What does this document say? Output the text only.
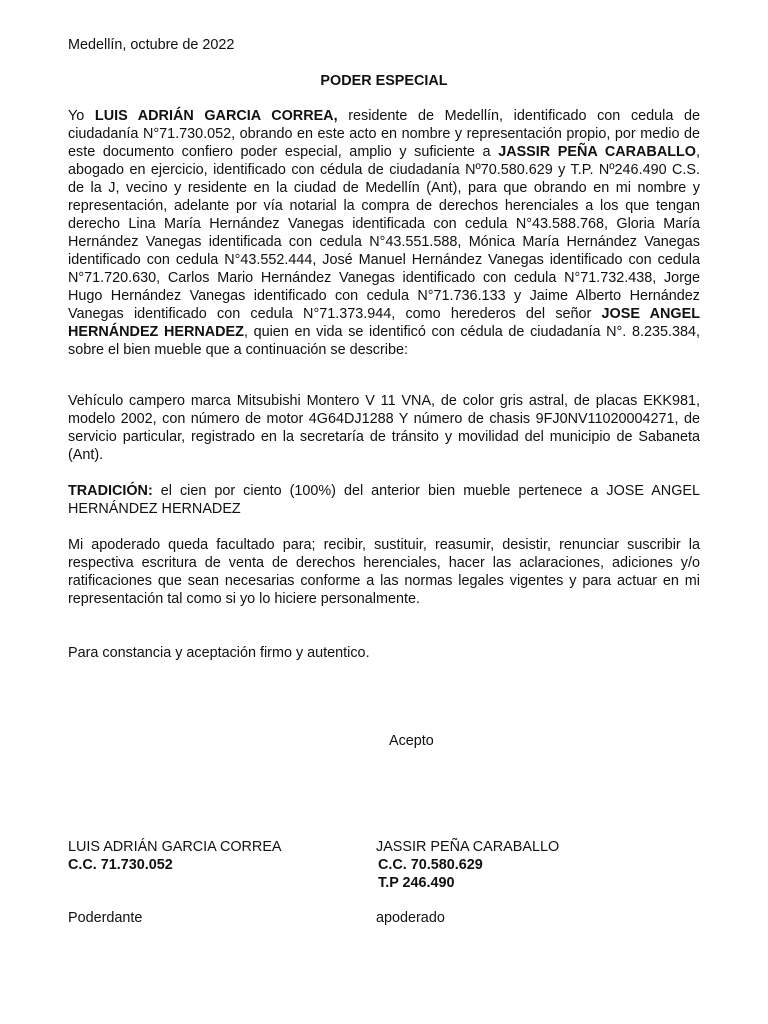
Medellín, octubre de 2022
PODER ESPECIAL
Yo LUIS ADRIÁN GARCIA CORREA, residente de Medellín, identificado con cedula de ciudadanía N°71.730.052, obrando en este acto en nombre y representación propio, por medio de este documento confiero poder especial, amplio y suficiente a JASSIR PEÑA CARABALLO, abogado en ejercicio, identificado con cédula de ciudadanía Nº70.580.629 y T.P. Nº246.490 C.S. de la J, vecino y residente en la ciudad de Medellín (Ant), para que obrando en mi nombre y representación, adelante por vía notarial la compra de derechos herenciales a los que tengan derecho Lina María Hernández Vanegas identificada con cedula N°43.588.768, Gloria María Hernández Vanegas identificada con cedula N°43.551.588, Mónica María Hernández Vanegas identificado con cedula N°43.552.444, José Manuel Hernández Vanegas identificado con cedula N°71.720.630, Carlos Mario Hernández Vanegas identificado con cedula N°71.732.438, Jorge Hugo Hernández Vanegas identificado con cedula N°71.736.133 y Jaime Alberto Hernández Vanegas identificado con cedula N°71.373.944, como herederos del señor JOSE ANGEL HERNÁNDEZ HERNADEZ, quien en vida se identificó con cédula de ciudadanía N°. 8.235.384, sobre el bien mueble que a continuación se describe:
Vehículo campero marca Mitsubishi Montero V 11 VNA, de color gris astral, de placas EKK981, modelo 2002, con número de motor 4G64DJ1288 Y número de chasis 9FJ0NV11020004271, de servicio particular, registrado en la secretaría de tránsito y movilidad del municipio de Sabaneta (Ant).
TRADICIÓN: el cien por ciento (100%) del anterior bien mueble pertenece a JOSE ANGEL HERNÁNDEZ HERNADEZ
Mi apoderado queda facultado para; recibir, sustituir, reasumir, desistir, renunciar suscribir la respectiva escritura de venta de derechos herenciales, hacer las aclaraciones, adiciones y/o ratificaciones que sean necesarias conforme a las normas legales vigentes y para actuar en mi representación tal como si yo lo hiciere personalmente.
Para constancia y aceptación firmo y autentico.
Acepto
LUIS ADRIÁN GARCIA CORREA
C.C. 71.730.052
JASSIR PEÑA CARABALLO
C.C. 70.580.629
T.P 246.490
Poderdante	apoderado
